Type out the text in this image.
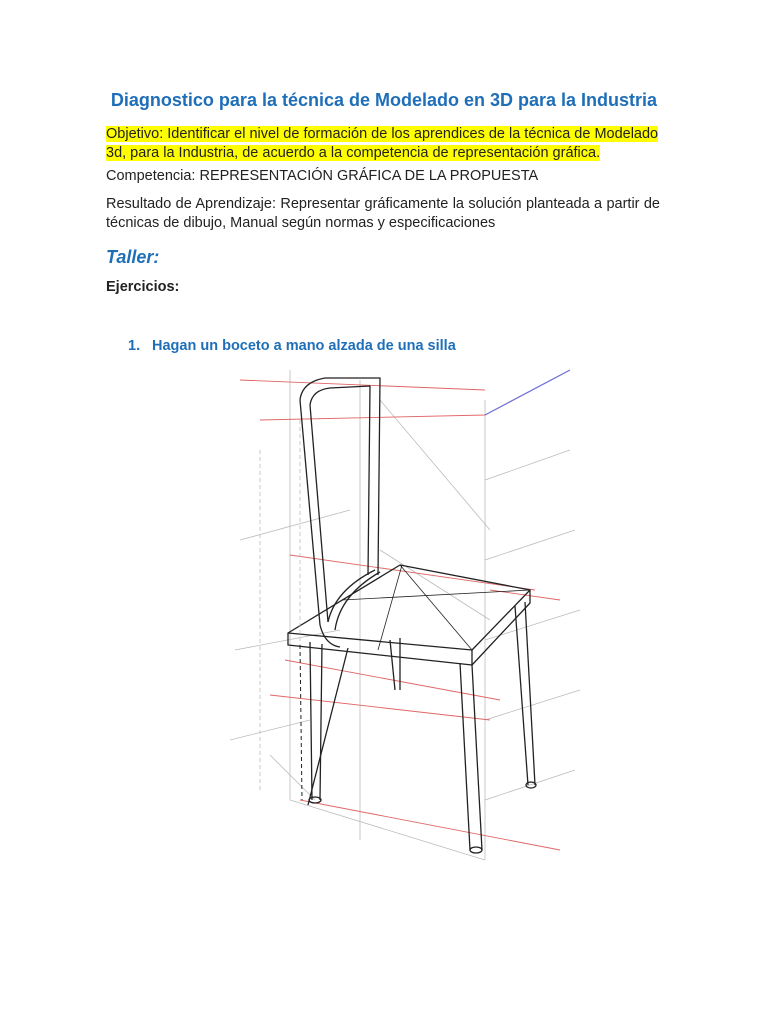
Diagnostico para la técnica de Modelado en 3D para la Industria

Objetivo: Identificar el nivel de formación de los aprendices de la técnica de Modelado 3d, para la Industria, de acuerdo a la competencia de representación gráfica.

Competencia: REPRESENTACIÓN GRÁFICA DE LA PROPUESTA

Resultado de Aprendizaje: Representar gráficamente la solución planteada a partir de técnicas de dibujo, Manual según normas y especificaciones

Taller:

Ejercicios:

1. Hagan un boceto a mano alzada de una silla
